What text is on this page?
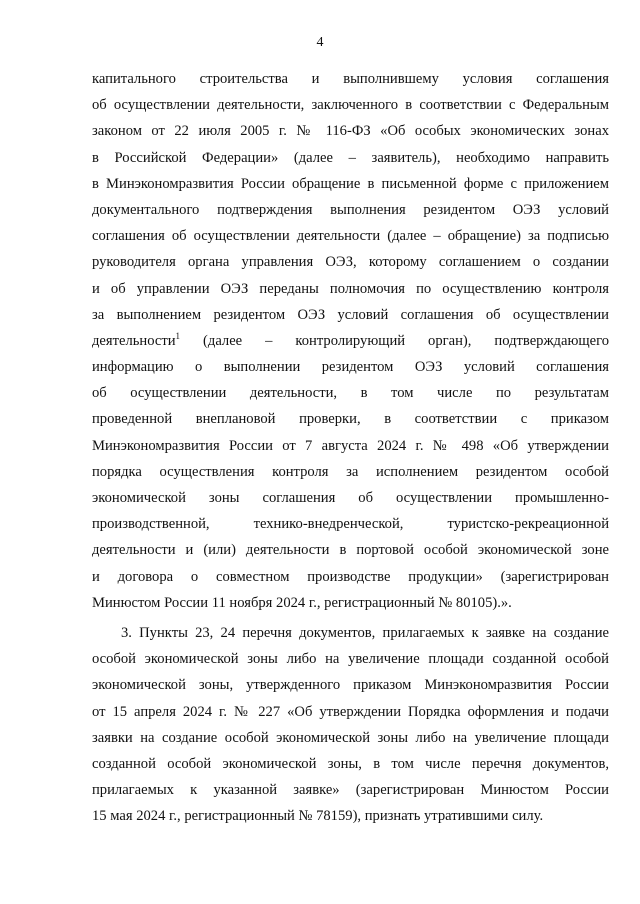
4
капитального строительства и выполнившему условия соглашения
об осуществлении деятельности, заключенного в соответствии с Федеральным
законом от 22 июля 2005 г. № 116-ФЗ «Об особых экономических зонах
в Российской Федерации» (далее – заявитель), необходимо направить
в Минэкономразвития России обращение в письменной форме с приложением
документального подтверждения выполнения резидентом ОЭЗ условий
соглашения об осуществлении деятельности (далее – обращение) за подписью
руководителя органа управления ОЭЗ, которому соглашением о создании
и об управлении ОЭЗ переданы полномочия по осуществлению контроля
за выполнением резидентом ОЭЗ условий соглашения об осуществлении
деятельности$^1$ (далее – контролирующий орган), подтверждающего
информацию о выполнении резидентом ОЭЗ условий соглашения
об осуществлении деятельности, в том числе по результатам
проведенной внеплановой проверки, в соответствии с приказом
Минэкономразвития России от 7 августа 2024 г. № 498 «Об утверждении
порядка осуществления контроля за исполнением резидентом особой
экономической зоны соглашения об осуществлении промышленно-
производственной, технико-внедренческой, туристско-рекреационной
деятельности и (или) деятельности в портовой особой экономической зоне
и договора о совместном производстве продукции» (зарегистрирован
Минюстом России 11 ноября 2024 г., регистрационный № 80105).».
3. Пункты 23, 24 перечня документов, прилагаемых к заявке на создание
особой экономической зоны либо на увеличение площади созданной особой
экономической зоны, утвержденного приказом Минэкономразвития России
от 15 апреля 2024 г. № 227 «Об утверждении Порядка оформления и подачи
заявки на создание особой экономической зоны либо на увеличение площади
созданной особой экономической зоны, в том числе перечня документов,
прилагаемых к указанной заявке» (зарегистрирован Минюстом России
15 мая 2024 г., регистрационный № 78159), признать утратившими силу.
